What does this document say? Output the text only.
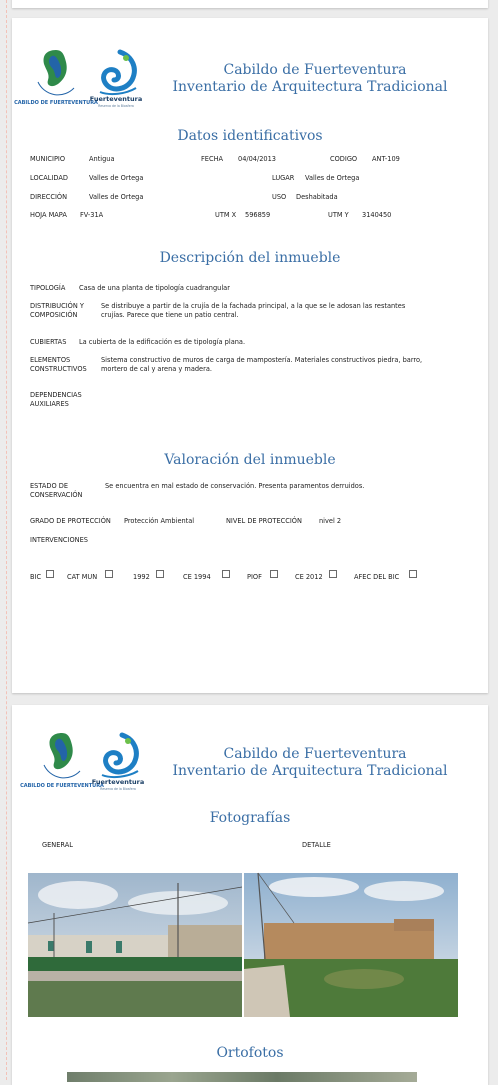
CABILDO DE FUERTEVENTURA
Fuerteventura
Reserva de la Biosfera
Cabildo de Fuerteventura
Inventario de Arquitectura Tradicional
Datos identificativos
MUNICIPIO	Antigua	FECHA 04/04/2013	CODIGO ANT-109
LOCALIDAD	Valles de Ortega	LUGAR Valles de Ortega
DIRECCIÓN	Valles de Ortega	USO Deshabitada
HOJA MAPA FV-31A	UTM X 596859	UTM Y 3140450
Descripción del inmueble
TIPOLOGÍA Casa de una planta de tipología cuadrangular
DISTRIBUCIÓN Y
COMPOSICIÓN
Se distribuye a partir de la crujía de la fachada principal, a la que se le adosan las restantes
crujías. Parece que tiene un patio central.
CUBIERTAS La cubierta de la edificación es de tipología plana.
ELEMENTOS
CONSTRUCTIVOS
Sistema constructivo de muros de carga de mampostería. Materiales constructivos piedra, barro,
mortero de cal y arena y madera.
DEPENDENCIAS
AUXILIARES
Valoración del inmueble
ESTADO DE
CONSERVACIÓN
Se encuentra en mal estado de conservación. Presenta paramentos derruidos.
GRADO DE PROTECCIÓN Protección Ambiental	NIVEL DE PROTECCIÓN	nivel 2
INTERVENCIONES
BIC	CAT MUN	1992	CE 1994	PIOF	CE 2012	AFEC DEL BIC
CABILDO DE FUERTEVENTURA
Fuerteventura
Reserva de la Biosfera
Cabildo de Fuerteventura
Inventario de Arquitectura Tradicional
Fotografías
GENERAL	DETALLE
Ortofotos
